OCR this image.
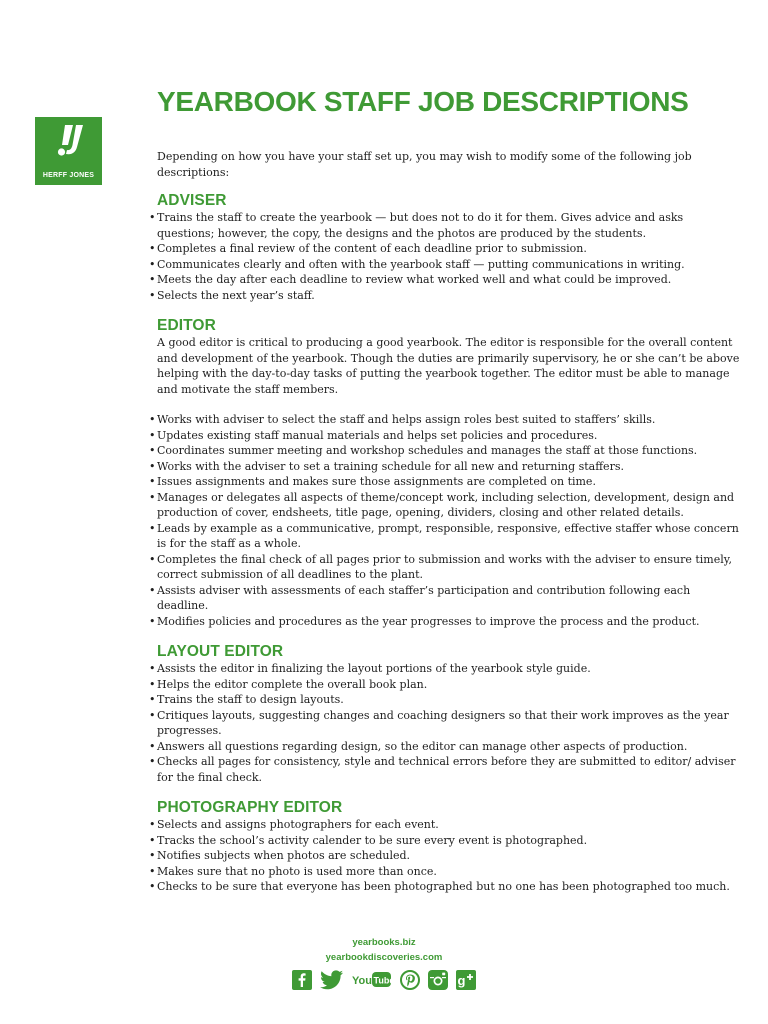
HERFF JONES
YEARBOOK STAFF JOB DESCRIPTIONS

Depending on how you have your staff set up, you may wish to modify some of the following job descriptions:

ADVISER
• Trains the staff to create the yearbook — but does not to do it for them. Gives advice and asks questions; however, the copy, the designs and the photos are produced by the students.
• Completes a final review of the content of each deadline prior to submission.
• Communicates clearly and often with the yearbook staff — putting communications in writing.
• Meets the day after each deadline to review what worked well and what could be improved.
• Selects the next year’s staff.
EDITOR

A good editor is critical to producing a good yearbook. The editor is responsible for the overall content and development of the yearbook. Though the duties are primarily supervisory, he or she can’t be above helping with the day-to-day tasks of putting the yearbook together. The editor must be able to manage and motivate the staff members.

• Works with adviser to select the staff and helps assign roles best suited to staffers’ skills.
• Updates existing staff manual materials and helps set policies and procedures.
• Coordinates summer meeting and workshop schedules and manages the staff at those functions.
• Works with the adviser to set a training schedule for all new and returning staffers.
• Issues assignments and makes sure those assignments are completed on time.
• Manages or delegates all aspects of theme/concept work, including selection, development, design and production of cover, endsheets, title page, opening, dividers, closing and other related details.
• Leads by example as a communicative, prompt, responsible, responsive, effective staffer whose concern is for the staff as a whole.
• Completes the final check of all pages prior to submission and works with the adviser to ensure timely, correct submission of all deadlines to the plant.
• Assists adviser with assessments of each staffer’s participation and contribution following each deadline.
• Modifies policies and procedures as the year progresses to improve the process and the product.
LAYOUT EDITOR
• Assists the editor in finalizing the layout portions of the yearbook style guide.
• Helps the editor complete the overall book plan.
• Trains the staff to design layouts.
• Critiques layouts, suggesting changes and coaching designers so that their work improves as the year progresses.
• Answers all questions regarding design, so the editor can manage other aspects of production.
• Checks all pages for consistency, style and technical errors before they are submitted to editor/ adviser for the final check.
PHOTOGRAPHY EDITOR
• Selects and assigns photographers for each event.
• Tracks the school’s activity calender to be sure every event is photographed.
• Notifies subjects when photos are scheduled.
• Makes sure that no photo is used more than once.
• Checks to be sure that everyone has been photographed but no one has been photographed too much.
yearbooks.biz
yearbookdiscoveries.com
You Tube	g
